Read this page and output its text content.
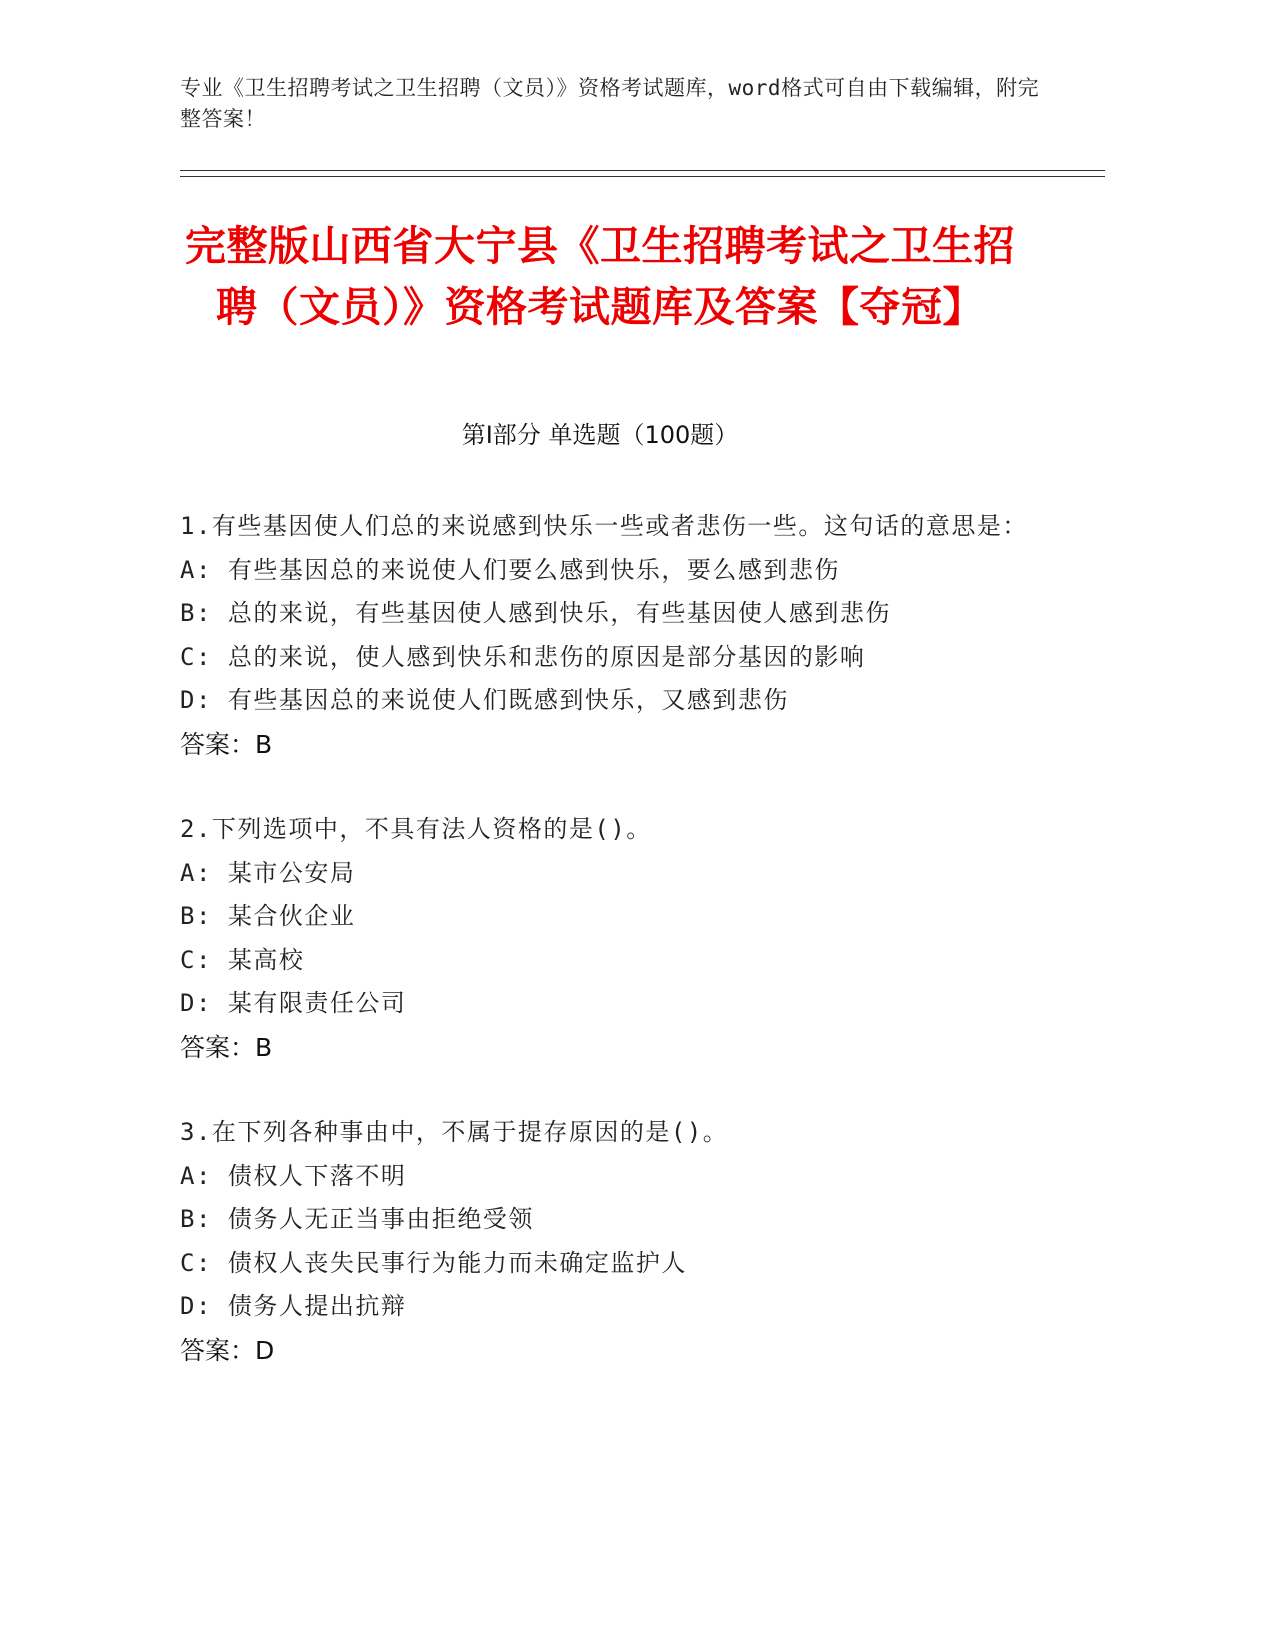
专业《卫生招聘考试之卫生招聘（文员）》资格考试题库，word格式可自由下载编辑，附完整答案！
完整版山西省大宁县《卫生招聘考试之卫生招聘（文员）》资格考试题库及答案【夺冠】
第Ⅰ部分 单选题（100题）
1.有些基因使人们总的来说感到快乐一些或者悲伤一些。这句话的意思是：
A: 有些基因总的来说使人们要么感到快乐，要么感到悲伤
B: 总的来说，有些基因使人感到快乐，有些基因使人感到悲伤
C: 总的来说，使人感到快乐和悲伤的原因是部分基因的影响
D: 有些基因总的来说使人们既感到快乐，又感到悲伤
答案：B
2.下列选项中，不具有法人资格的是()。
A: 某市公安局
B: 某合伙企业
C: 某高校
D: 某有限责任公司
答案：B
3.在下列各种事由中，不属于提存原因的是()。
A: 债权人下落不明
B: 债务人无正当事由拒绝受领
C: 债权人丧失民事行为能力而未确定监护人
D: 债务人提出抗辩
答案：D
